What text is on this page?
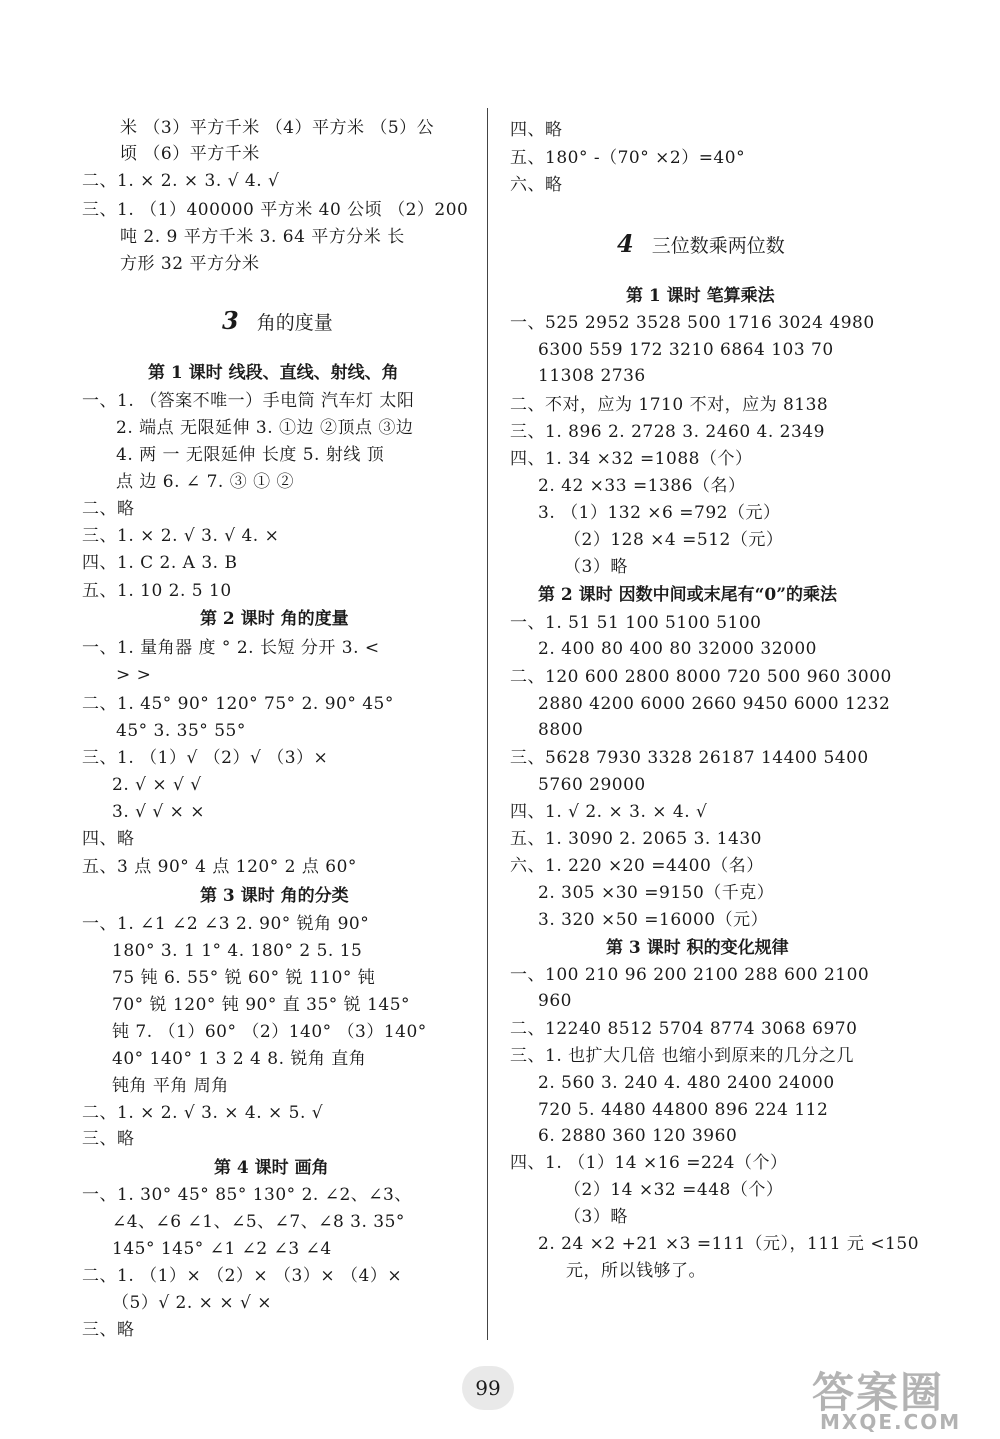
米 （3）平方千米 （4）平方米 （5）公
顷 （6）平方千米
二、1. × 2. × 3. √ 4. √
三、1. （1）400000 平方米 40 公顷 （2）200
吨 2. 9 平方千米 3. 64 平方分米 长
方形 32 平方分米
3 角的度量
第 1 课时 线段、直线、射线、角
一、1. （答案不唯一）手电筒 汽车灯 太阳
2. 端点 无限延伸 3. ①边 ②顶点 ③边
4. 两 一 无限延伸 长度 5. 射线 顶
点 边 6. ∠ 7. ③ ① ②
二、略
三、1. × 2. √ 3. √ 4. ×
四、1. C 2. A 3. B
五、1. 10 2. 5 10
第 2 课时 角的度量
一、1. 量角器 度 ° 2. 长短 分开 3. <
> >
二、1. 45° 90° 120° 75° 2. 90° 45°
45° 3. 35° 55°
三、1. （1）√ （2）√ （3）×
2. √ × √ √
3. √ √ × ×
四、略
五、3 点 90° 4 点 120° 2 点 60°
第 3 课时 角的分类
一、1. ∠1 ∠2 ∠3 2. 90° 锐角 90°
180° 3. 1 1° 4. 180° 2 5. 15
75 钝 6. 55° 锐 60° 锐 110° 钝
70° 锐 120° 钝 90° 直 35° 锐 145°
钝 7. （1）60° （2）140° （3）140°
40° 140° 1 3 2 4 8. 锐角 直角
钝角 平角 周角
二、1. × 2. √ 3. × 4. × 5. √
三、略
第 4 课时 画角
一、1. 30° 45° 85° 130° 2. ∠2、∠3、
∠4、∠6 ∠1、∠5、∠7、∠8 3. 35°
145° 145° ∠1 ∠2 ∠3 ∠4
二、1. （1）× （2）× （3）× （4）×
（5）√ 2. × × √ ×
三、略
四、略
五、180° -（70° ×2）=40°
六、略
4 三位数乘两位数
第 1 课时 笔算乘法
一、525 2952 3528 500 1716 3024 4980
6300 559 172 3210 6864 103 70
11308 2736
二、不对，应为 1710 不对，应为 8138
三、1. 896 2. 2728 3. 2460 4. 2349
四、1. 34 ×32 =1088（个）
2. 42 ×33 =1386（名）
3. （1）132 ×6 =792（元）
（2）128 ×4 =512（元）
（3）略
第 2 课时 因数中间或末尾有“0”的乘法
一、1. 51 51 100 5100 5100
2. 400 80 400 80 32000 32000
二、120 600 2800 8000 720 500 960 3000
2880 4200 6000 2660 9450 6000 1232
8800
三、5628 7930 3328 26187 14400 5400
5760 29000
四、1. √ 2. × 3. × 4. √
五、1. 3090 2. 2065 3. 1430
六、1. 220 ×20 =4400（名）
2. 305 ×30 =9150（千克）
3. 320 ×50 =16000（元）
第 3 课时 积的变化规律
一、100 210 96 200 2100 288 600 2100
960
二、12240 8512 5704 8774 3068 6970
三、1. 也扩大几倍 也缩小到原来的几分之几
2. 560 3. 240 4. 480 2400 24000
720 5. 4480 44800 896 224 112
6. 2880 360 120 3960
四、1. （1）14 ×16 =224（个）
（2）14 ×32 =448（个）
（3）略
2. 24 ×2 +21 ×3 =111（元），111 元 <150
元，所以钱够了。
99	答案圈
MXQE.COM
